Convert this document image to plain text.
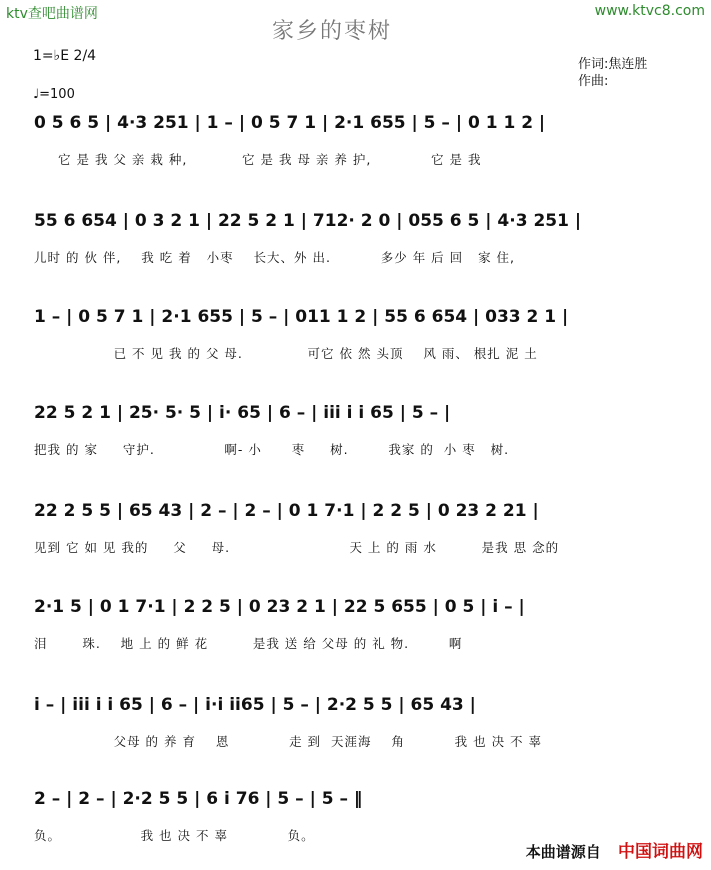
ktv查吧曲谱网	www.ktvc8.com
家乡的枣树
1=♭E 2/4
♩=100
作词:焦连胜
作曲:
0 5 6 5 | 4·3 251 | 1 – | 0 5 7 1 | 2·1 655 | 5 – | 0 1 1 2 |
它 是 我 父 亲 栽 种,           它 是 我 母 亲 养 护,            它 是 我
55 6 654 | 0 3 2 1 | 22 5 2 1 | 712· 2 0 | 055 6 5 | 4·3 251 |
儿时 的 伙 伴,    我 吃 着   小枣    长大、外 出.          多少 年 后 回   家 住,
1 – | 0 5 7 1 | 2·1 655 | 5 – | 011 1 2 | 55 6 654 | 033 2 1 |
已 不 见 我 的 父 母.             可它 依 然 头顶    风 雨、 根扎 泥 土
22 5 2 1 | 25· 5· 5 | i· 65 | 6 – | iii i i 65 | 5 – |
把我 的 家     守护.              啊- 小      枣     树.        我家 的  小 枣   树.
22 2 5 5 | 65 43 | 2 – | 2 – | 0 1 7·1 | 2 2 5 | 0 23 2 21 |
见到 它 如 见 我的     父     母.                        天 上 的 雨 水         是我 思 念的
2·1 5 | 0 1 7·1 | 2 2 5 | 0 23 2 1 | 22 5 655 | 0 5 | i – |
泪       珠.    地 上 的 鲜 花         是我 送 给 父母 的 礼 物.        啊
i – | iii i i 65 | 6 – | i·i ii65 | 5 – | 2·2 5 5 | 65 43 |
父母 的 养 育    恩            走 到  天涯海    角          我 也 决 不 辜
2 – | 2 – | 2·2 5 5 | 6 i 76 | 5 – | 5 – ‖
负。                我 也 决 不 辜            负。
本曲谱源自 中国词曲网
